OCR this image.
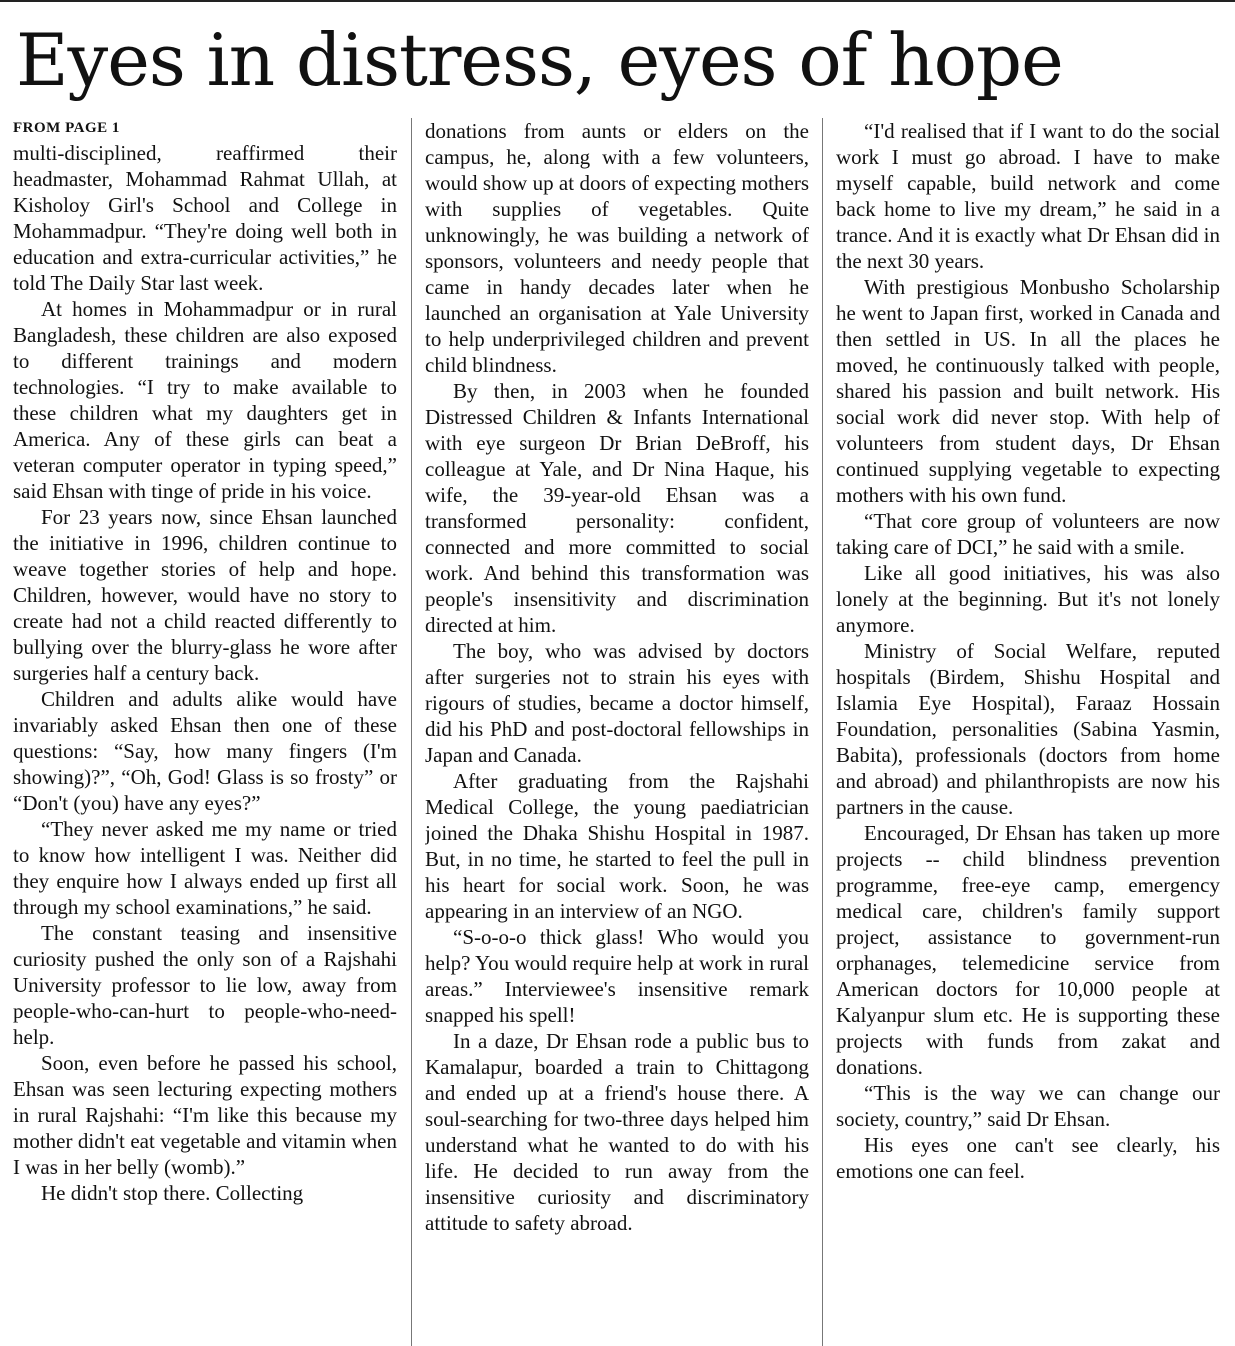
Eyes in distress, eyes of hope
FROM PAGE 1

multi-disciplined, reaffirmed their headmaster, Mohammad Rahmat Ullah, at Kisholoy Girl's School and College in Mohammadpur. “They're doing well both in education and extra-curricular activities,” he told The Daily Star last week.

At homes in Mohammadpur or in rural Bangladesh, these children are also exposed to different trainings and modern technologies. “I try to make available to these children what my daughters get in America. Any of these girls can beat a veteran computer operator in typing speed,” said Ehsan with tinge of pride in his voice.

For 23 years now, since Ehsan launched the initiative in 1996, children continue to weave together stories of help and hope. Children, however, would have no story to create had not a child reacted differently to bullying over the blurry-glass he wore after surgeries half a century back.

Children and adults alike would have invariably asked Ehsan then one of these questions: “Say, how many fingers (I'm showing)?”, “Oh, God! Glass is so frosty” or “Don't (you) have any eyes?”

“They never asked me my name or tried to know how intelligent I was. Neither did they enquire how I always ended up first all through my school examinations,” he said.

The constant teasing and insensitive curiosity pushed the only son of a Rajshahi University professor to lie low, away from people-who-can-hurt to people-who-need-help.

Soon, even before he passed his school, Ehsan was seen lecturing expecting mothers in rural Rajshahi: “I'm like this because my mother didn't eat vegetable and vitamin when I was in her belly (womb).”

He didn't stop there. Collecting

donations from aunts or elders on the campus, he, along with a few volunteers, would show up at doors of expecting mothers with supplies of vegetables. Quite unknowingly, he was building a network of sponsors, volunteers and needy people that came in handy decades later when he launched an organisation at Yale University to help underprivileged children and prevent child blindness.

By then, in 2003 when he founded Distressed Children & Infants International with eye surgeon Dr Brian DeBroff, his colleague at Yale, and Dr Nina Haque, his wife, the 39-year-old Ehsan was a transformed personality: confident, connected and more committed to social work. And behind this transformation was people's insensitivity and discrimination directed at him.

The boy, who was advised by doctors after surgeries not to strain his eyes with rigours of studies, became a doctor himself, did his PhD and post-doctoral fellowships in Japan and Canada.

After graduating from the Rajshahi Medical College, the young paediatrician joined the Dhaka Shishu Hospital in 1987. But, in no time, he started to feel the pull in his heart for social work. Soon, he was appearing in an interview of an NGO.

“S-o-o-o thick glass! Who would you help? You would require help at work in rural areas.” Interviewee's insensitive remark snapped his spell!

In a daze, Dr Ehsan rode a public bus to Kamalapur, boarded a train to Chittagong and ended up at a friend's house there. A soul-searching for two-three days helped him understand what he wanted to do with his life. He decided to run away from the insensitive curiosity and discriminatory attitude to safety abroad.

“I'd realised that if I want to do the social work I must go abroad. I have to make myself capable, build network and come back home to live my dream,” he said in a trance. And it is exactly what Dr Ehsan did in the next 30 years.

With prestigious Monbusho Scholarship he went to Japan first, worked in Canada and then settled in US. In all the places he moved, he continuously talked with people, shared his passion and built network. His social work did never stop. With help of volunteers from student days, Dr Ehsan continued supplying vegetable to expecting mothers with his own fund.

“That core group of volunteers are now taking care of DCI,” he said with a smile.

Like all good initiatives, his was also lonely at the beginning. But it's not lonely anymore.

Ministry of Social Welfare, reputed hospitals (Birdem, Shishu Hospital and Islamia Eye Hospital), Faraaz Hossain Foundation, personalities (Sabina Yasmin, Babita), professionals (doctors from home and abroad) and philanthropists are now his partners in the cause.

Encouraged, Dr Ehsan has taken up more projects -- child blindness prevention programme, free-eye camp, emergency medical care, children's family support project, assistance to government-run orphanages, telemedicine service from American doctors for 10,000 people at Kalyanpur slum etc. He is supporting these projects with funds from zakat and donations.

“This is the way we can change our society, country,” said Dr Ehsan.

His eyes one can't see clearly, his emotions one can feel.
